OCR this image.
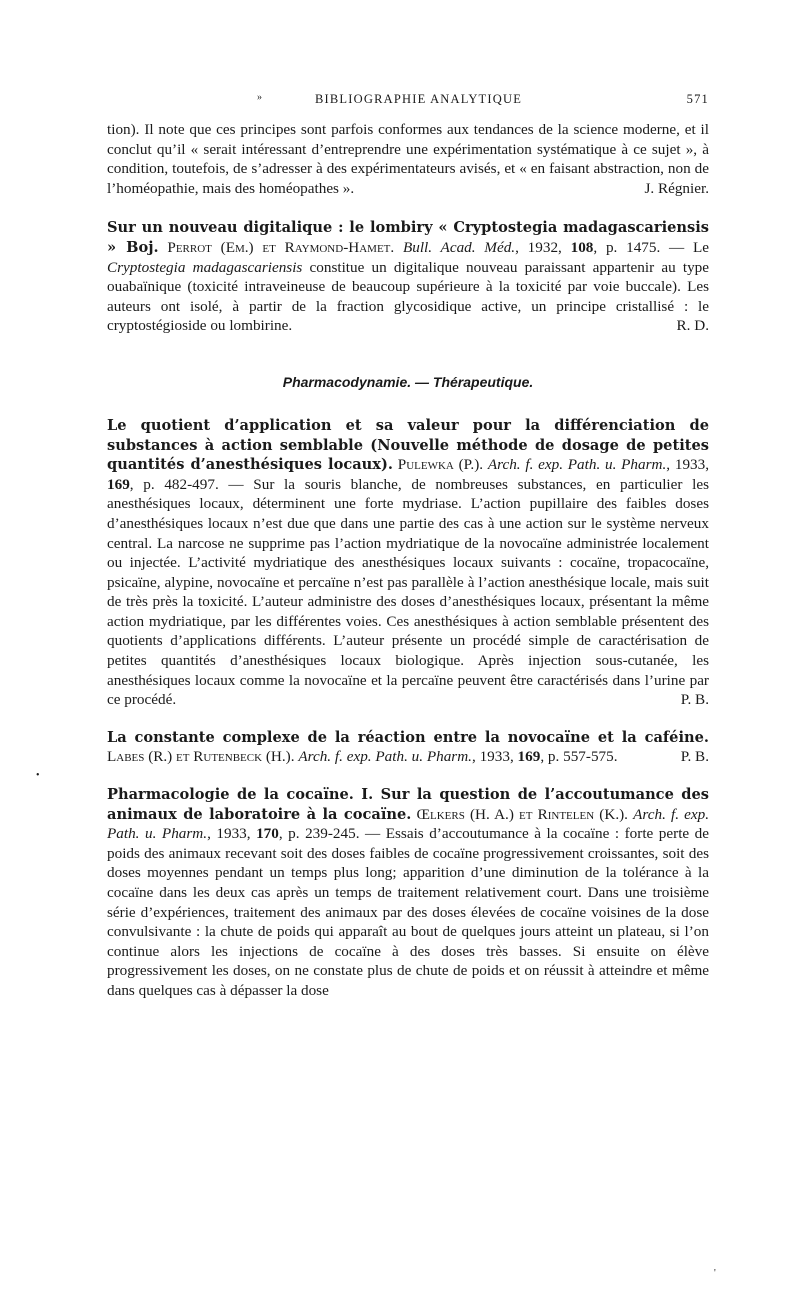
»	BIBLIOGRAPHIE ANALYTIQUE	571

tion). Il note que ces principes sont parfois conformes aux tendances de la science moderne, et il conclut qu’il « serait intéressant d’entreprendre une expérimentation systématique à ce sujet », à condition, toutefois, de s’adresser à des expérimentateurs avisés, et « en faisant abstraction, non de l’homéopathie, mais des homéopathes ».	J. Régnier.

Sur un nouveau digitalique : le lombiry « Cryptostegia madagascariensis » Boj. Perrot (Em.) et Raymond-Hamet. Bull. Acad. Méd., 1932, 108, p. 1475. — Le Cryptostegia madagascariensis constitue un digitalique nouveau paraissant appartenir au type ouabaïnique (toxicité intraveineuse de beaucoup supérieure à la toxicité par voie buccale). Les auteurs ont isolé, à partir de la fraction glycosidique active, un principe cristallisé : le cryptostégioside ou lombirine.	R. D.

Pharmacodynamie. — Thérapeutique.

Le quotient d’application et sa valeur pour la différenciation de substances à action semblable (Nouvelle méthode de dosage de petites quantités d’anesthésiques locaux). Pulewka (P.). Arch. f. exp. Path. u. Pharm., 1933, 169, p. 482-497. — Sur la souris blanche, de nombreuses substances, en particulier les anesthésiques locaux, déterminent une forte mydriase. L’action pupillaire des faibles doses d’anesthésiques locaux n’est due que dans une partie des cas à une action sur le système nerveux central. La narcose ne supprime pas l’action mydriatique de la novocaïne administrée localement ou injectée. L’activité mydriatique des anesthésiques locaux suivants : cocaïne, tropacocaïne, psicaïne, alypine, novocaïne et percaïne n’est pas parallèle à l’action anesthésique locale, mais suit de très près la toxicité. L’auteur administre des doses d’anesthésiques locaux, présentant la même action mydriatique, par les différentes voies. Ces anesthésiques à action semblable présentent des quotients d’applications différents. L’auteur présente un procédé simple de caractérisation de petites quantités d’anesthésiques locaux biologique. Après injection sous-cutanée, les anesthésiques locaux comme la novocaïne et la percaïne peuvent être caractérisés dans l’urine par ce procédé.	P. B.

La constante complexe de la réaction entre la novocaïne et la caféine. Labes (R.) et Rutenbeck (H.). Arch. f. exp. Path. u. Pharm., 1933, 169, p. 557-575.	P. B.

Pharmacologie de la cocaïne. I. Sur la question de l’accoutumance des animaux de laboratoire à la cocaïne. Œlkers (H. A.) et Rintelen (K.). Arch. f. exp. Path. u. Pharm., 1933, 170, p. 239-245. — Essais d’accoutumance à la cocaïne : forte perte de poids des animaux recevant soit des doses faibles de cocaïne progressivement croissantes, soit des doses moyennes pendant un temps plus long; apparition d’une diminution de la tolérance à la cocaïne dans les deux cas après un temps de traitement relativement court. Dans une troisième série d’expériences, traitement des animaux par des doses élevées de cocaïne voisines de la dose convulsivante : la chute de poids qui apparaît au bout de quelques jours atteint un plateau, si l’on continue alors les injections de cocaïne à des doses très basses. Si ensuite on élève progressivement les doses, on ne constate plus de chute de poids et on réussit à atteindre et même dans quelques cas à dépasser la dose

•
'
